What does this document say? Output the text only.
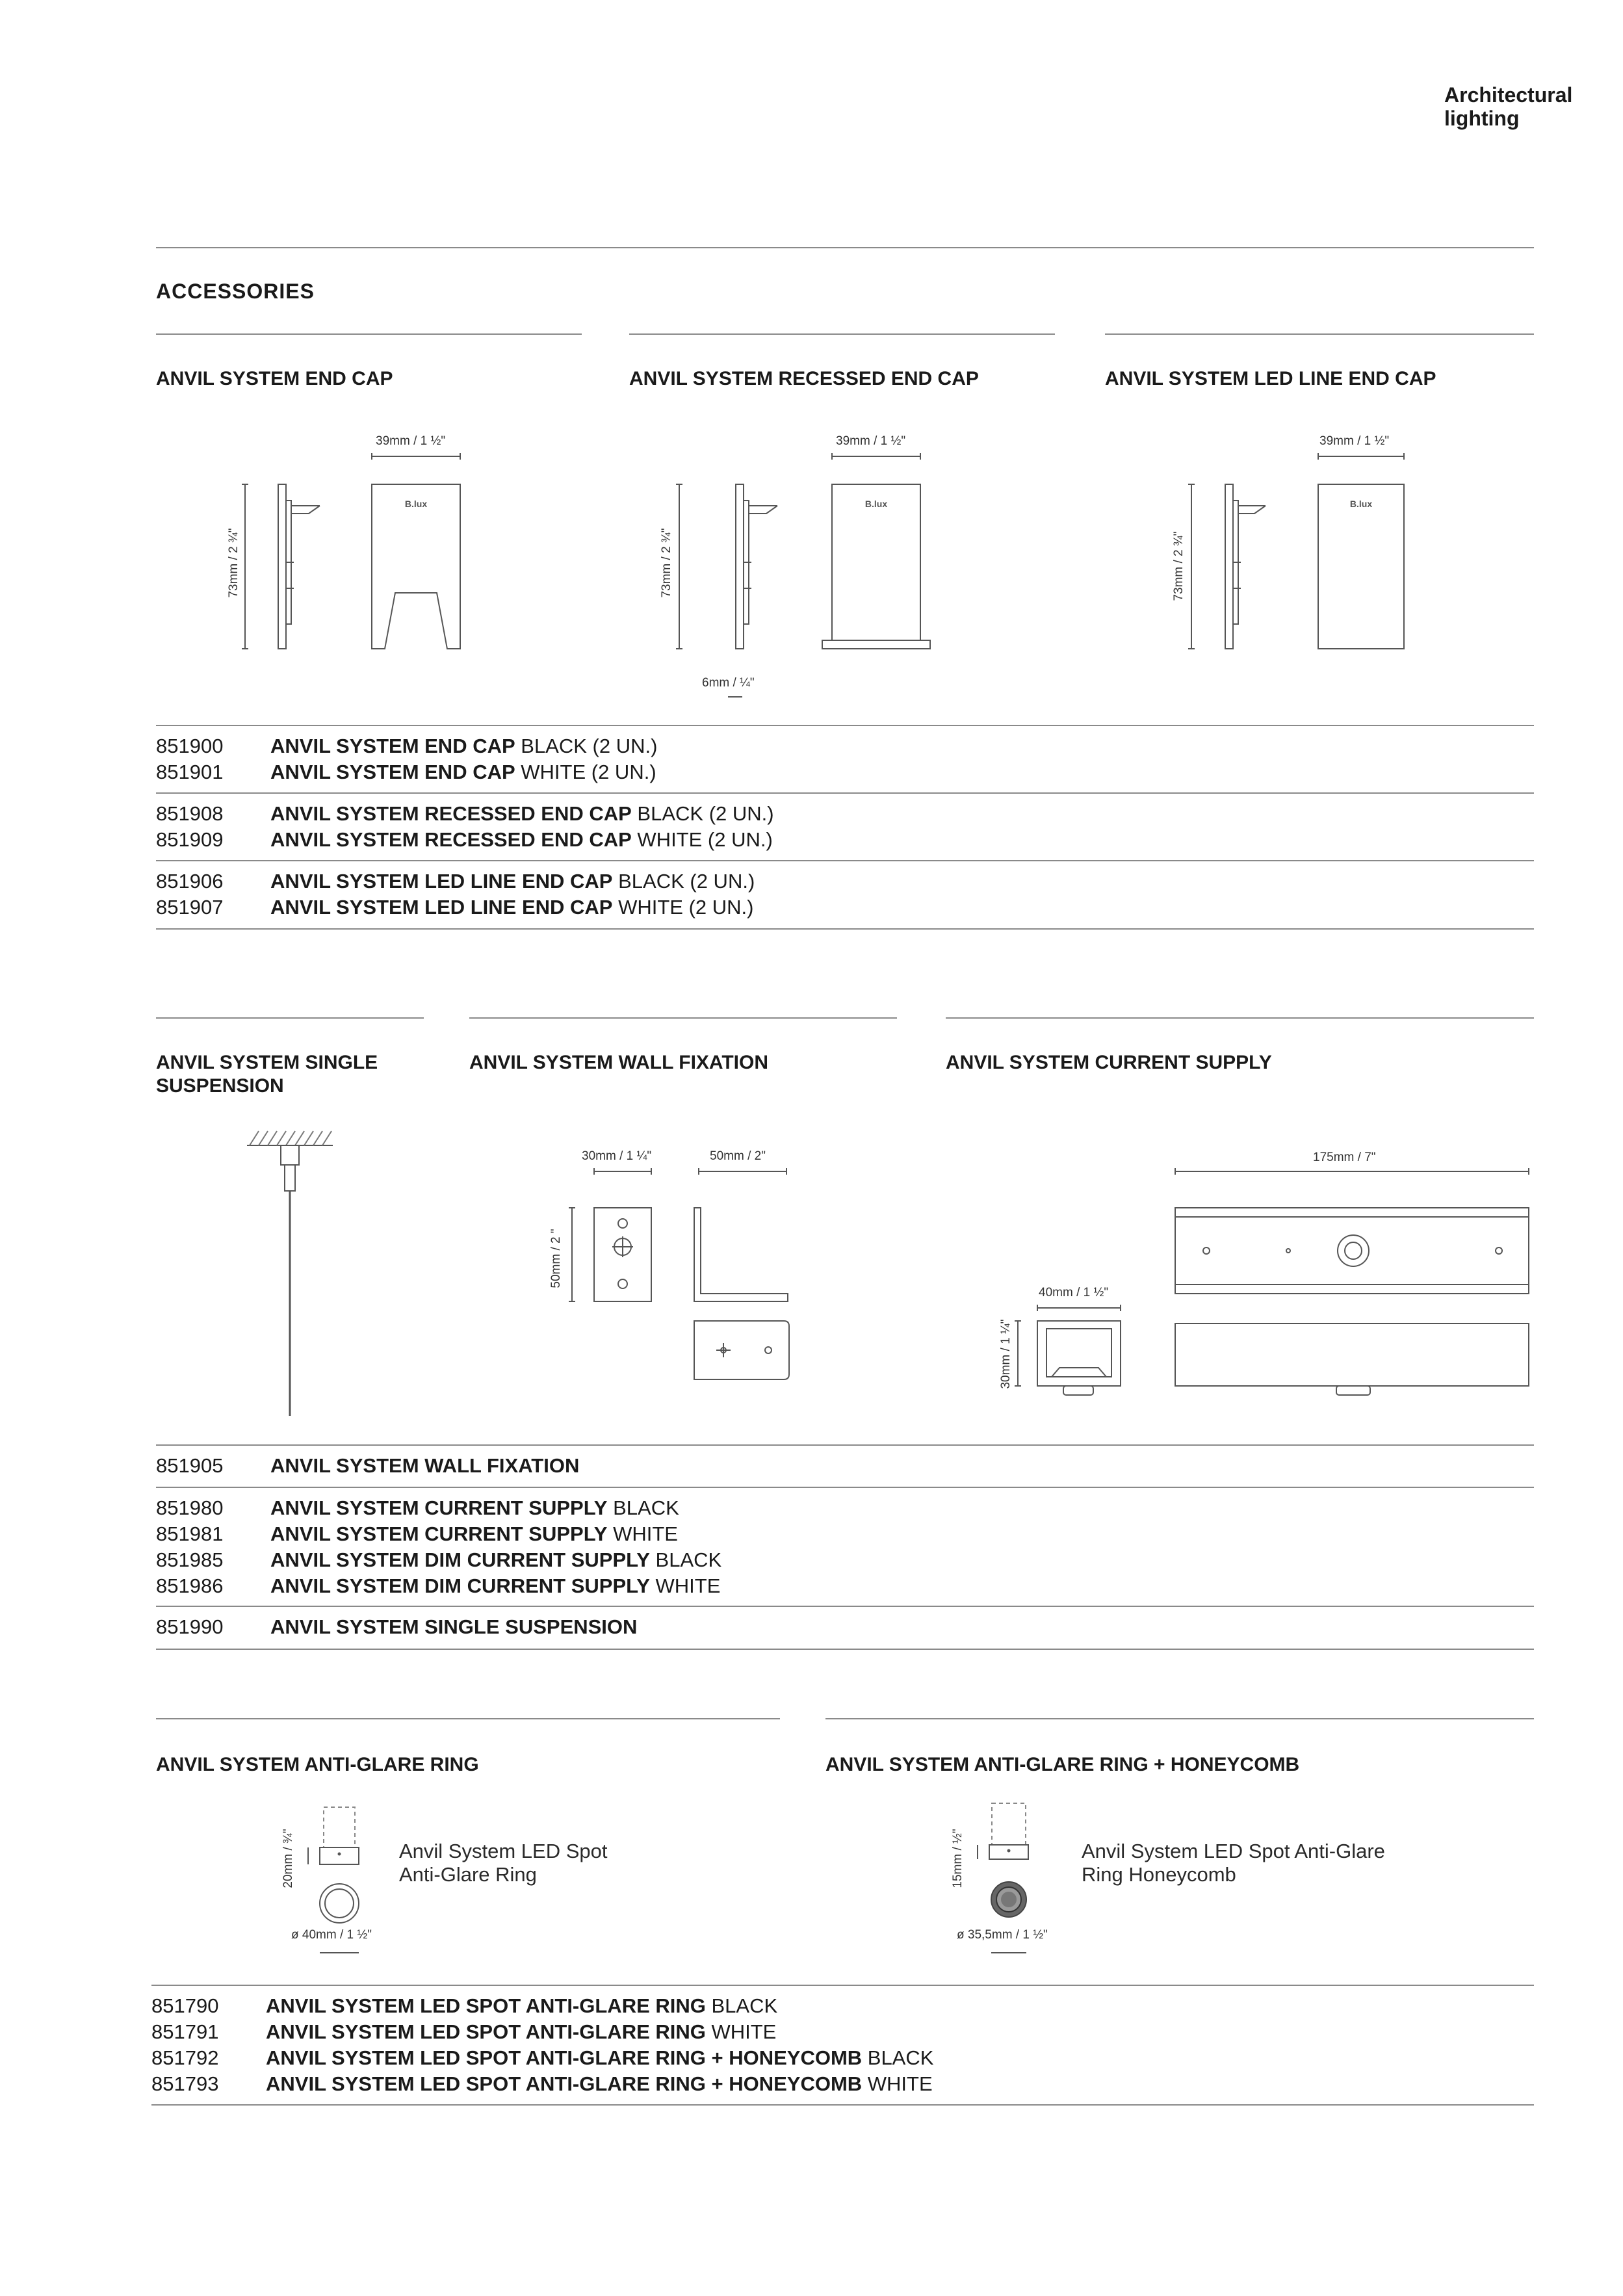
Architectural
lighting
ACCESSORIES
ANVIL SYSTEM END CAP	ANVIL SYSTEM RECESSED END CAP	ANVIL SYSTEM LED LINE END CAP
39mm / 1 ½"
73mm / 2 ¾"
B.lux
39mm / 1 ½"
73mm / 2 ¾"
6mm / ¼"
B.lux
39mm / 1 ½"
73mm / 2 ¾"
B.lux
851900 ANVIL SYSTEM END CAP BLACK (2 UN.)
851901 ANVIL SYSTEM END CAP WHITE (2 UN.)
851908 ANVIL SYSTEM RECESSED END CAP BLACK (2 UN.)
851909 ANVIL SYSTEM RECESSED END CAP WHITE (2 UN.)
851906 ANVIL SYSTEM LED LINE END CAP BLACK (2 UN.)
851907 ANVIL SYSTEM LED LINE END CAP WHITE (2 UN.)
ANVIL SYSTEM SINGLE
SUSPENSION
ANVIL SYSTEM WALL FIXATION	ANVIL SYSTEM CURRENT SUPPLY
30mm / 1 ¼"	50mm / 2"
50mm / 2 "
175mm / 7"
40mm / 1 ½"
30mm / 1 ¼"
851905 ANVIL SYSTEM WALL FIXATION
851980 ANVIL SYSTEM CURRENT SUPPLY BLACK
851981 ANVIL SYSTEM CURRENT SUPPLY WHITE
851985 ANVIL SYSTEM DIM CURRENT SUPPLY BLACK
851986 ANVIL SYSTEM DIM CURRENT SUPPLY WHITE
851990 ANVIL SYSTEM SINGLE SUSPENSION
ANVIL SYSTEM ANTI-GLARE RING	ANVIL SYSTEM ANTI-GLARE RING + HONEYCOMB
20mm / ¾"
ø 40mm / 1 ½"
Anvil System LED Spot
Anti-Glare Ring	15mm / ½"
ø 35,5mm / 1 ½"
Anvil System LED Spot Anti-Glare
Ring Honeycomb
851790 ANVIL SYSTEM LED SPOT ANTI-GLARE RING BLACK
851791 ANVIL SYSTEM LED SPOT ANTI-GLARE RING WHITE
851792 ANVIL SYSTEM LED SPOT ANTI-GLARE RING + HONEYCOMB BLACK
851793 ANVIL SYSTEM LED SPOT ANTI-GLARE RING + HONEYCOMB WHITE
